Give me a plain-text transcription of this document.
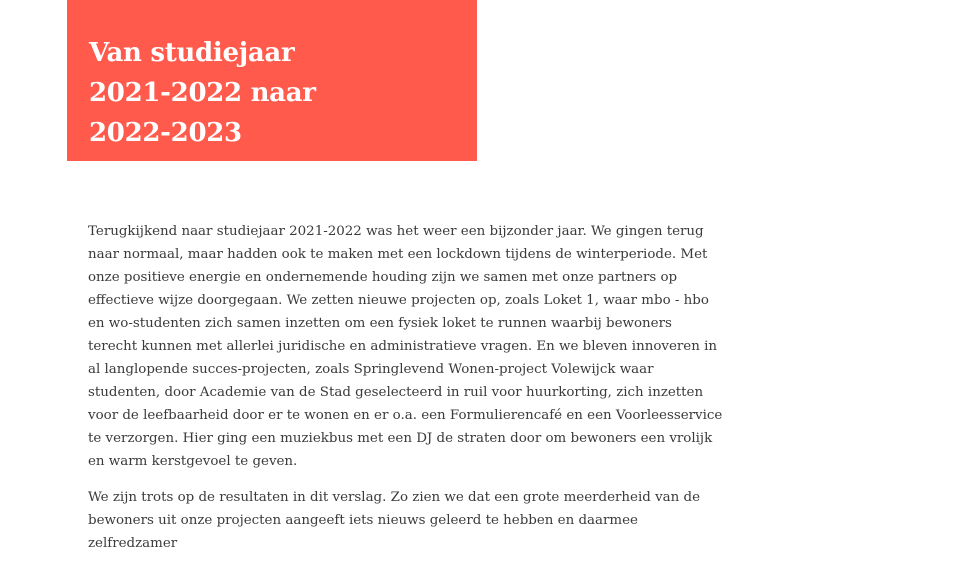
Van studiejaar
2021-2022 naar
2022-2023

Terugkijkend naar studiejaar 2021-2022 was het weer een bijzonder jaar. We gingen terug naar normaal, maar hadden ook te maken met een lockdown tijdens de winterperiode. Met onze positieve energie en ondernemende houding zijn we samen met onze partners op effectieve wijze doorgegaan. We zetten nieuwe projecten op, zoals Loket 1, waar mbo - hbo en wo-studenten zich samen inzetten om een fysiek loket te runnen waarbij bewoners terecht kunnen met allerlei juridische en administratieve vragen. En we bleven innoveren in al langlopende succes-projecten, zoals Springlevend Wonen-project Volewijck waar studenten, door Academie van de Stad geselecteerd in ruil voor huurkorting, zich inzetten voor de leefbaarheid door er te wonen en er o.a. een Formulierencafé en een Voorleesservice te verzorgen. Hier ging een muziekbus met een DJ de straten door om bewoners een vrolijk en warm kerstgevoel te geven.

We zijn trots op de resultaten in dit verslag. Zo zien we dat een grote meerderheid van de bewoners uit onze projecten aangeeft iets nieuws geleerd te hebben en daarmee zelfredzamer
